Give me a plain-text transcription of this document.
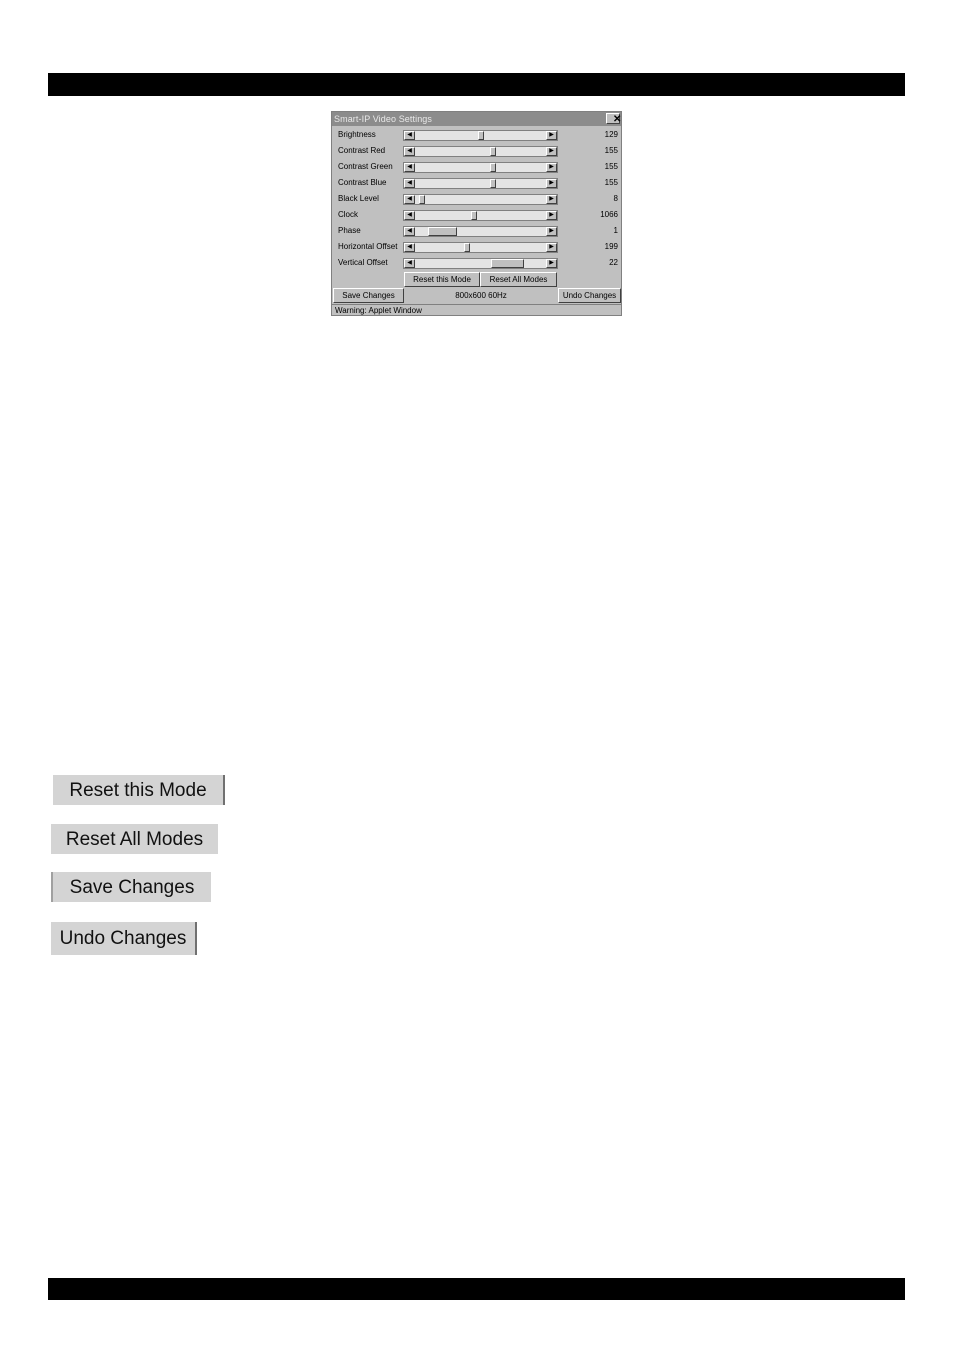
Smart-IP Video Settings	✕
Brightness	◀	▶	129
Contrast Red	◀	▶	155
Contrast Green	◀	▶	155
Contrast Blue	◀	▶	155
Black Level	◀	▶	8
Clock	◀	▶	1066
Phase	◀	▶	1
Horizontal Offset	◀	▶	199
Vertical Offset	◀	▶	22
Reset this Mode	Reset All Modes
Save Changes	800x600 60Hz	Undo Changes
Warning: Applet Window
Reset this Mode
Reset All Modes
Save Changes
Undo Changes
